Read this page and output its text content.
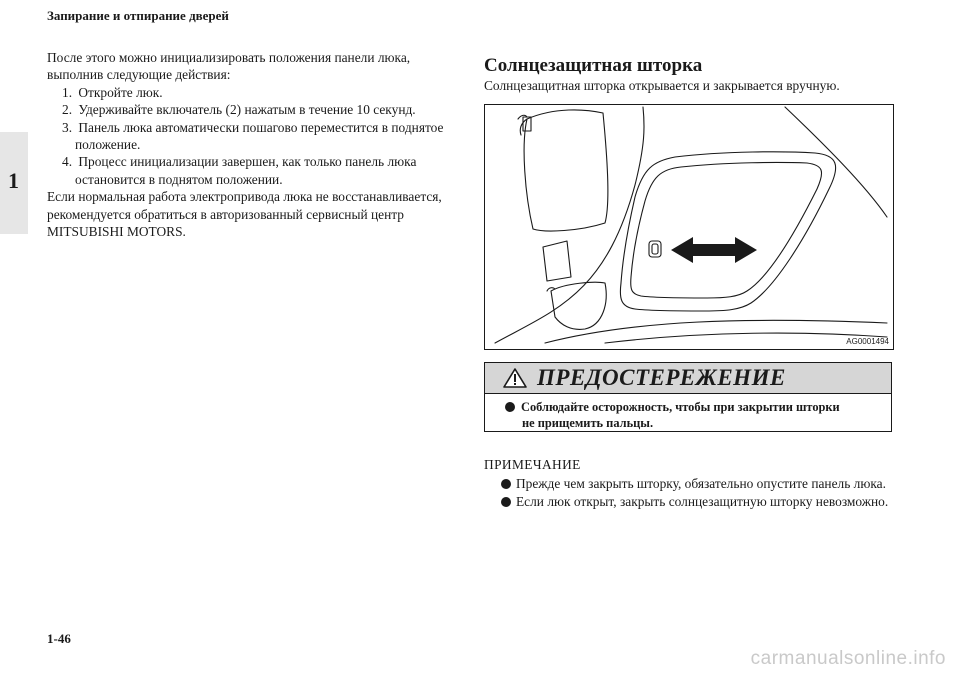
Запирание и отпирание дверей
1

После этого можно инициализировать положения панели люка, выполнив следующие действия:

1. Откройте люк.

2. Удерживайте включатель (2) нажатым в течение 10 секунд.

3. Панель люка автоматически пошагово переместится в поднятое положение.

4. Процесс инициализации завершен, как только панель люка остановится в поднятом положении.

Если нормальная работа электропривода люка не восстанавливается, рекомендуется обратиться в авторизованный сервисный центр MITSUBISHI MOTORS.

Солнцезащитная шторка

Солнцезащитная шторка открывается и закрывается вручную.

AG0001494
ПРЕДОСТЕРЕЖЕНИЕ
Соблюдайте осторожность, чтобы при закрытии шторки
не прищемить пальцы.

ПРИМЕЧАНИЕ

Прежде чем закрыть шторку, обязательно опустите панель люка.
Если люк открыт, закрыть солнцезащитную шторку невозможно.
1-46
carmanualsonline.info
